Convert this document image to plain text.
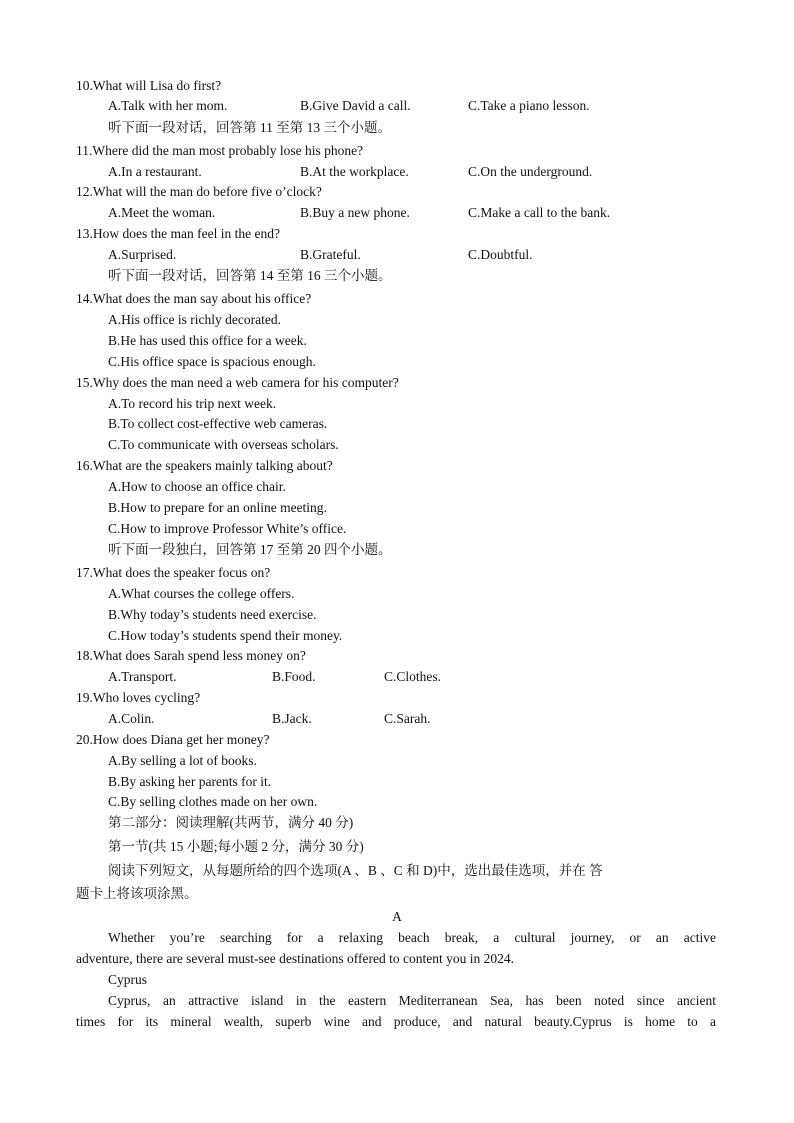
10.What will Lisa do first?
A.Talk with her mom.	B.Give David a call.	C.Take a piano lesson.
听下面一段对话，回答第 11 至第 13 三个小题。
11.Where did the man most probably lose his phone?
A.In a restaurant.	B.At the workplace.	C.On the underground.
12.What will the man do before five o’clock?
A.Meet the woman.	B.Buy a new phone.	C.Make a call to the bank.
13.How does the man feel in the end?
A.Surprised.	B.Grateful.	C.Doubtful.
听下面一段对话，回答第 14 至第 16 三个小题。
14.What does the man say about his office?
A.His office is richly decorated.
B.He has used this office for a week.
C.His office space is spacious enough.
15.Why does the man need a web camera for his computer?
A.To record his trip next week.
B.To collect cost-effective web cameras.
C.To communicate with overseas scholars.
16.What are the speakers mainly talking about?
A.How to choose an office chair.
B.How to prepare for an online meeting.
C.How to improve Professor White’s office.
听下面一段独白，回答第 17 至第 20 四个小题。
17.What does the speaker focus on?
A.What courses the college offers.
B.Why today’s students need exercise.
C.How today’s students spend their money.
18.What does Sarah spend less money on?
A.Transport.	B.Food.	C.Clothes.
19.Who loves cycling?
A.Colin.	B.Jack.	C.Sarah.
20.How does Diana get her money?
A.By selling a lot of books.
B.By asking her parents for it.
C.By selling clothes made on her own.
第二部分：阅读理解(共两节，满分 40 分)
第一节(共 15 小题;每小题 2 分，满分 30 分)
阅读下列短文，从每题所给的四个选项(A 、B 、C 和 D)中，选出最佳选项，并在 答
题卡上将该项涂黑。
A
Whether you’re searching for a relaxing beach break, a cultural journey, or an active
adventure, there are several must-see destinations offered to content you in 2024.
Cyprus
Cyprus, an attractive island in the eastern Mediterranean Sea, has been noted since ancient
times for its mineral wealth, superb wine and produce, and natural beauty.Cyprus is home to a
